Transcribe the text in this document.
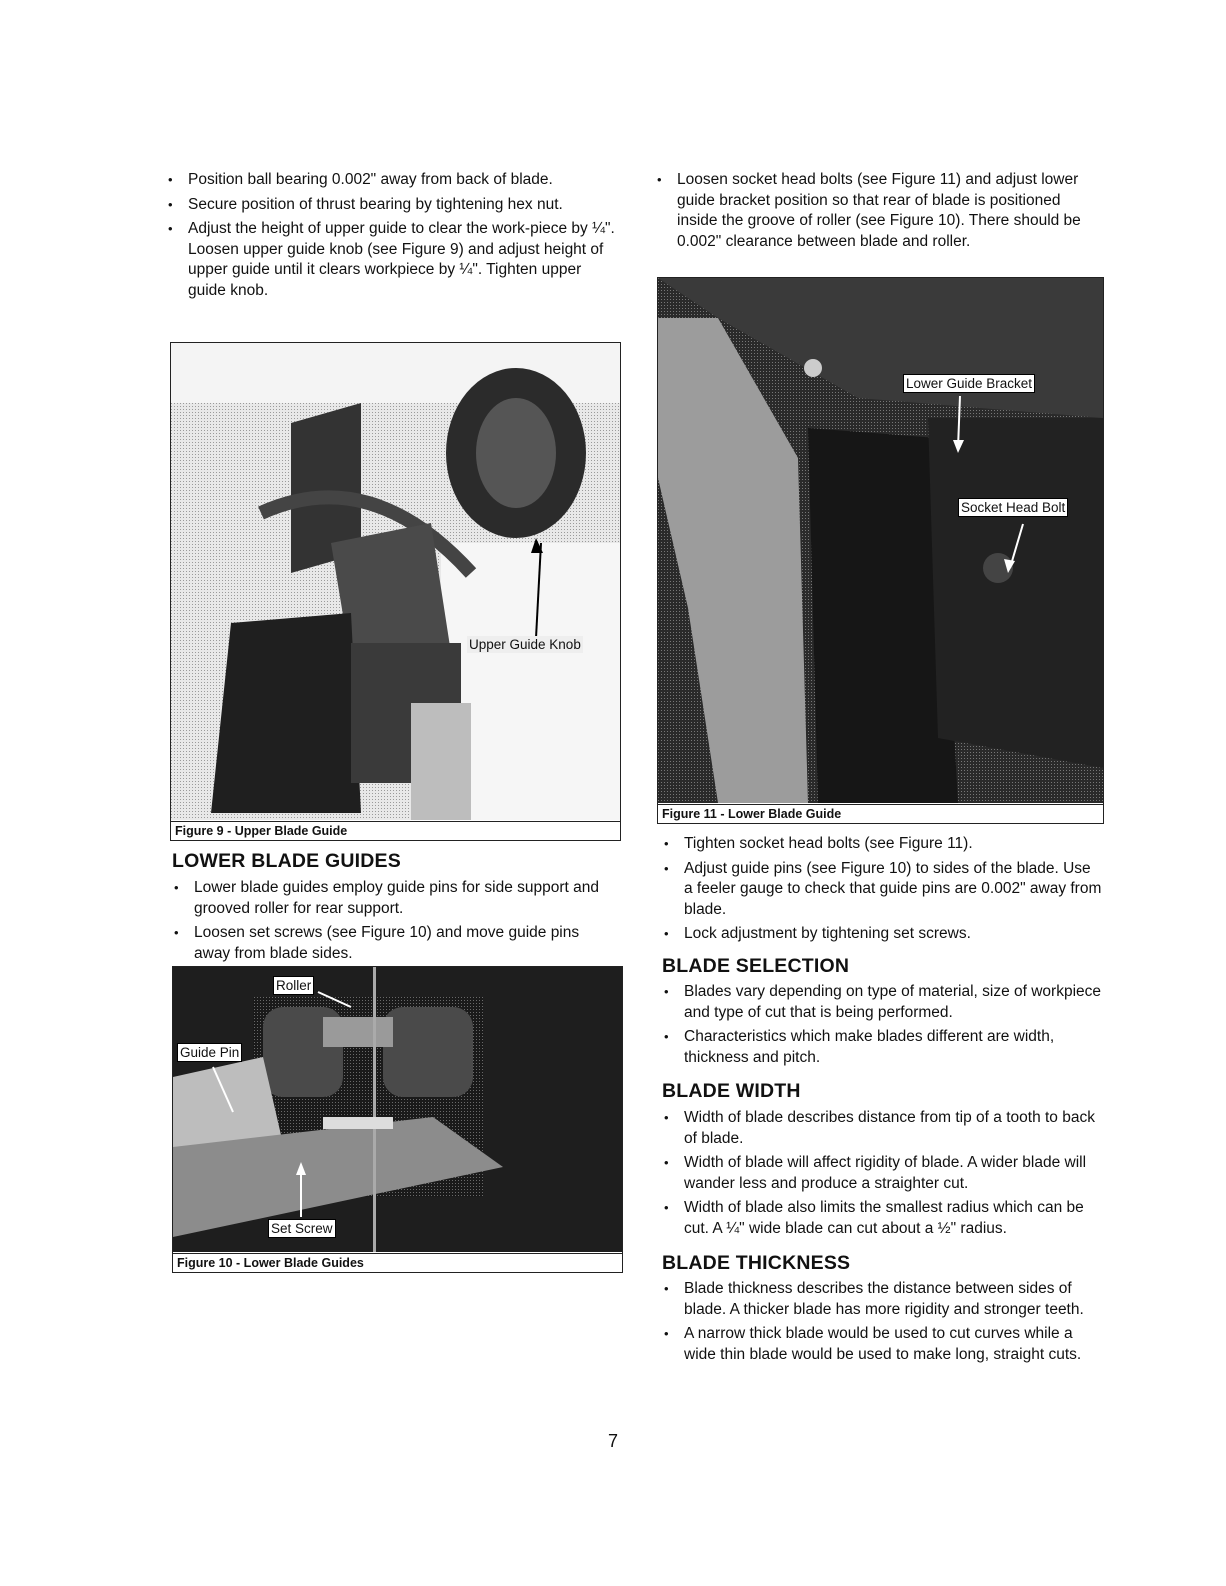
• Position ball bearing 0.002" away from back of blade.
• Secure position of thrust bearing by tightening hex nut.
• Adjust the height of upper guide to clear the work-piece by ¼". Loosen upper guide knob (see Figure 9) and adjust height of upper guide until it clears workpiece by ¼". Tighten upper guide knob.
Upper Guide Knob
Figure 9 - Upper Blade Guide
LOWER BLADE GUIDES
• Lower blade guides employ guide pins for side support and grooved roller for rear support.
• Loosen set screws (see Figure 10) and move guide pins away from blade sides.
Roller
Guide Pin
Set Screw
Figure 10 - Lower Blade Guides
• Loosen socket head bolts (see Figure 11) and adjust lower guide bracket position so that rear of blade is positioned inside the groove of roller (see Figure 10). There should be 0.002" clearance between blade and roller.
Lower Guide Bracket
Socket Head Bolt
Figure 11 - Lower Blade Guide
• Tighten socket head bolts (see Figure 11).
• Adjust guide pins (see Figure 10) to sides of the blade. Use a feeler gauge to check that guide pins are 0.002" away from blade.
• Lock adjustment by tightening set screws.
BLADE SELECTION
• Blades vary depending on type of material, size of workpiece and type of cut that is being performed.
• Characteristics which make blades different are width, thickness and pitch.
BLADE WIDTH
• Width of blade describes distance from tip of a tooth to back of blade.
• Width of blade will affect rigidity of blade. A wider blade will wander less and produce a straighter cut.
• Width of blade also limits the smallest radius which can be cut. A ¼" wide blade can cut about a ½" radius.
BLADE THICKNESS
• Blade thickness describes the distance between sides of blade. A thicker blade has more rigidity and stronger teeth.
• A narrow thick blade would be used to cut curves while a wide thin blade would be used to make long, straight cuts.
7
